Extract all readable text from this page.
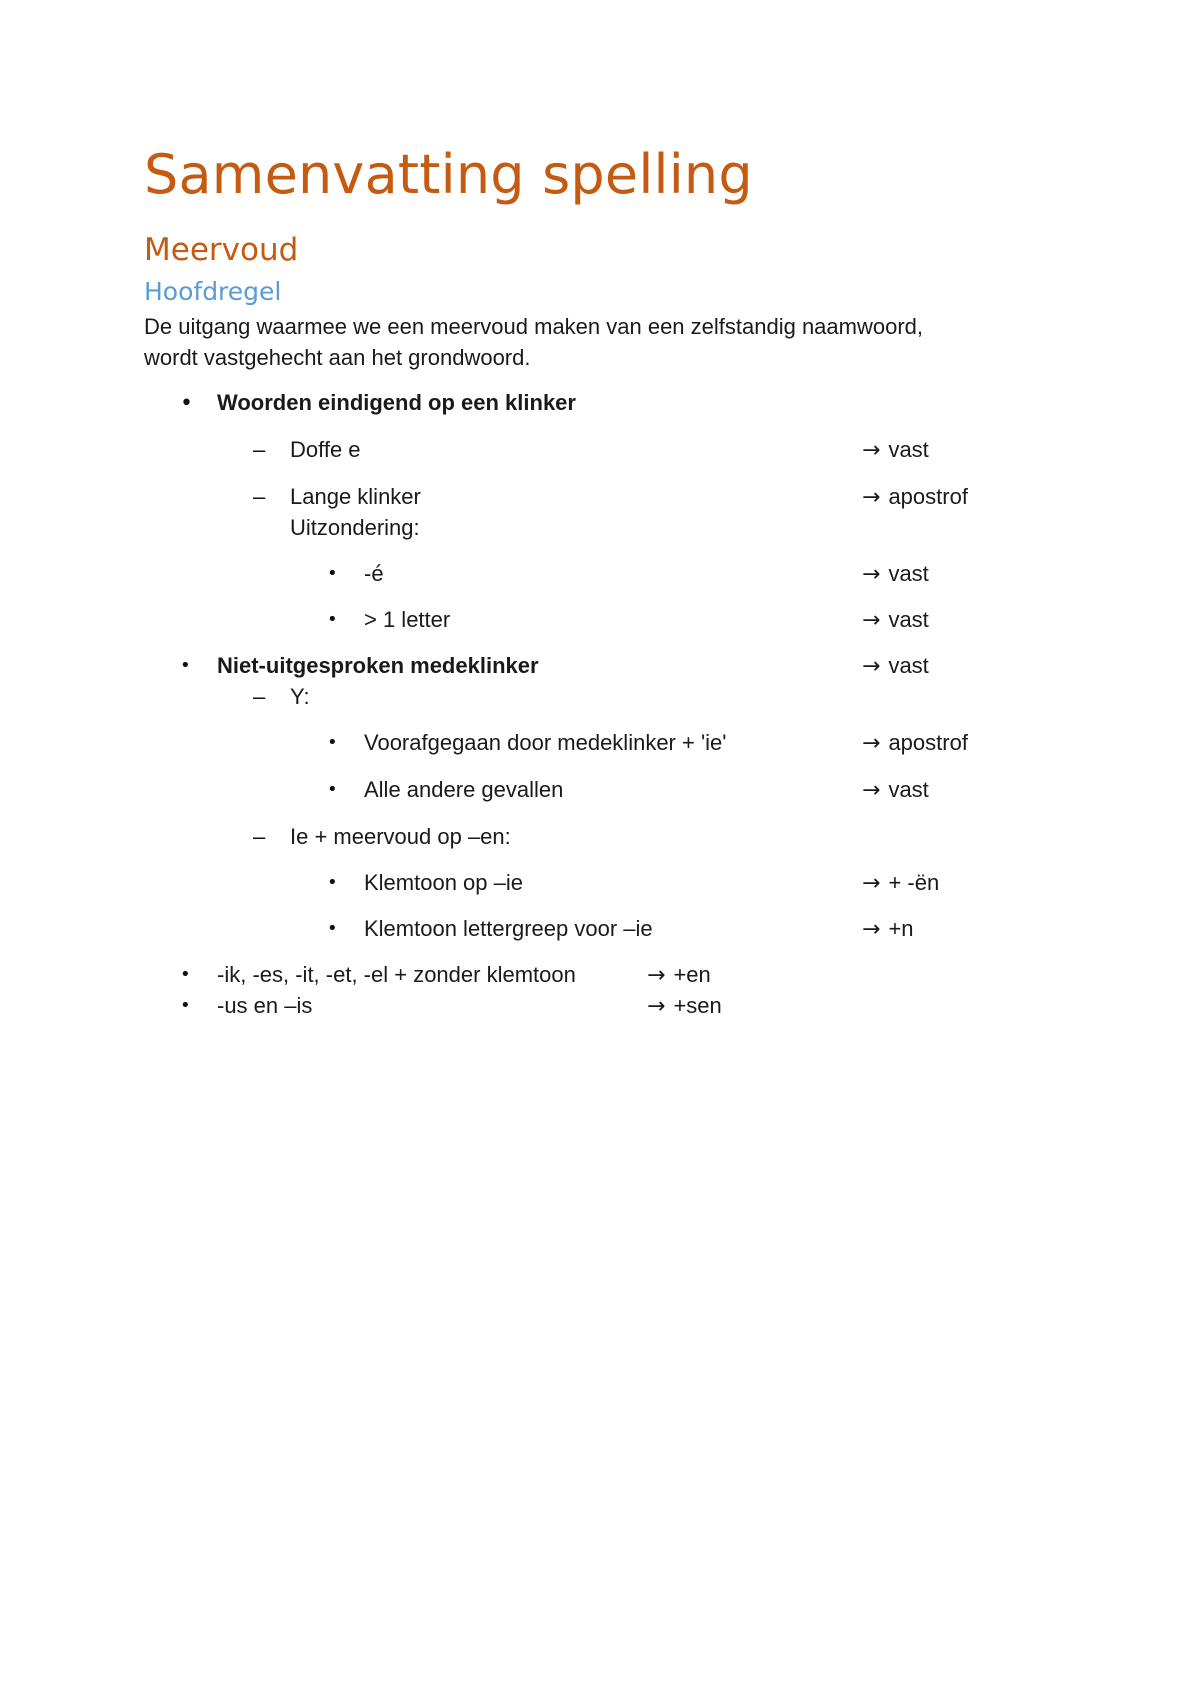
Samenvatting spelling
Meervoud
Hoofdregel
De uitgang waarmee we een meervoud maken van een zelfstandig naamwoord,
wordt vastgehecht aan het grondwoord.
• Woorden eindigend op een klinker
– Doffe e	→ vast
– Lange klinker	→ apostrof
Uitzondering:
• -é	→ vast
• > 1 letter	→ vast
• Niet-uitgesproken medeklinker	→ vast
– Y:
• Voorafgegaan door medeklinker + 'ie'	→ apostrof
• Alle andere gevallen	→ vast
– Ie + meervoud op –en:
• Klemtoon op –ie	→ + -ën
• Klemtoon lettergreep voor –ie	→ +n
• -ik, -es, -it, -et, -el + zonder klemtoon	→ +en
• -us en –is	→ +sen
